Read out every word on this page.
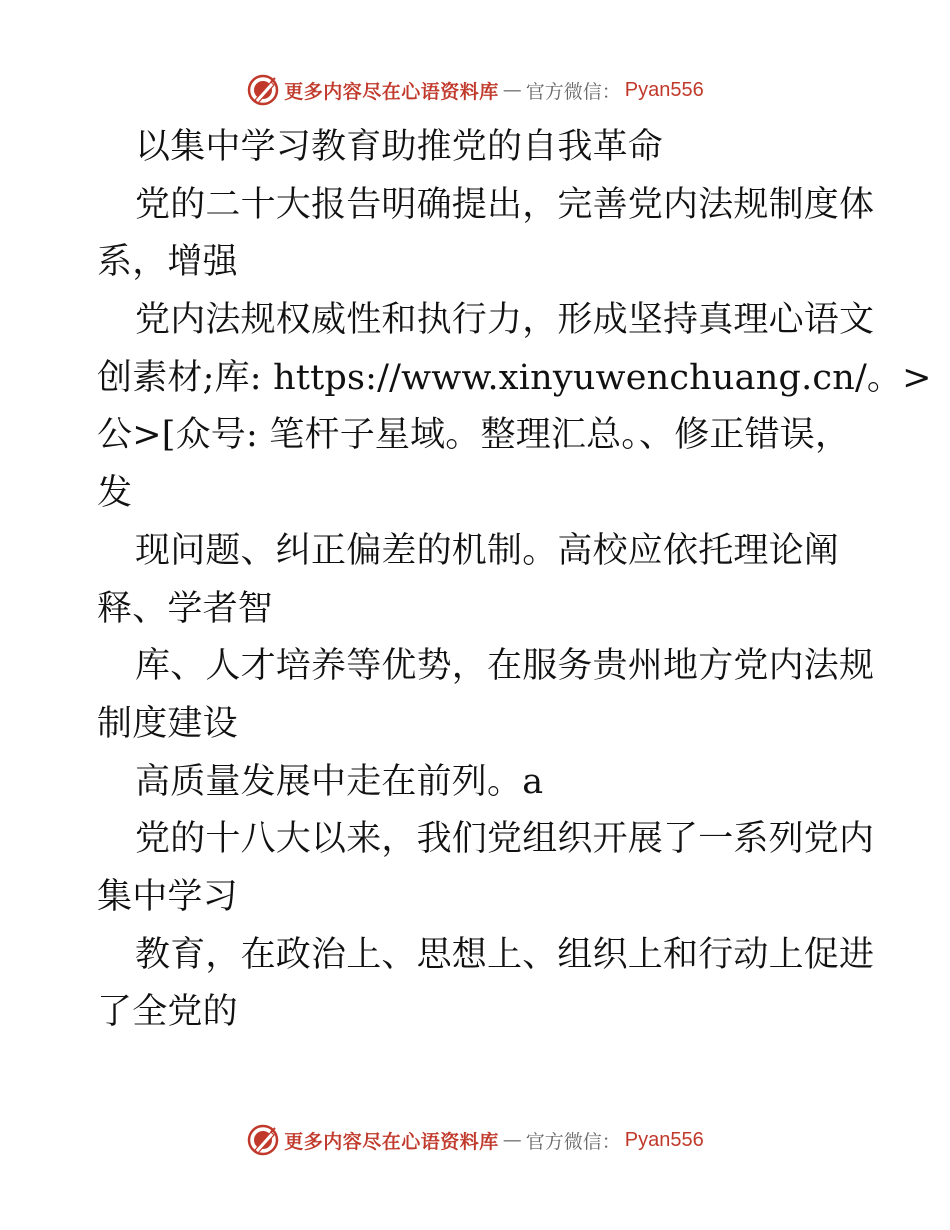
更多内容尽在心语资料库 — 官方微信： Pyan556
以集中学习教育助推党的自我革命
党的二十大报告明确提出，完善党内法规制度体
系，增强
党内法规权威性和执行力，形成坚持真理心语文
创素材;库: https://www.xinyuwenchuang.cn/。>
公>[众号: 笔杆子星域。整理汇总。、修正错误，
发
现问题、纠正偏差的机制。高校应依托理论阐
释、学者智
库、人才培养等优势，在服务贵州地方党内法规
制度建设
高质量发展中走在前列。a
党的十八大以来，我们党组织开展了一系列党内
集中学习
教育，在政治上、思想上、组织上和行动上促进
了全党的
更多内容尽在心语资料库 — 官方微信： Pyan556
